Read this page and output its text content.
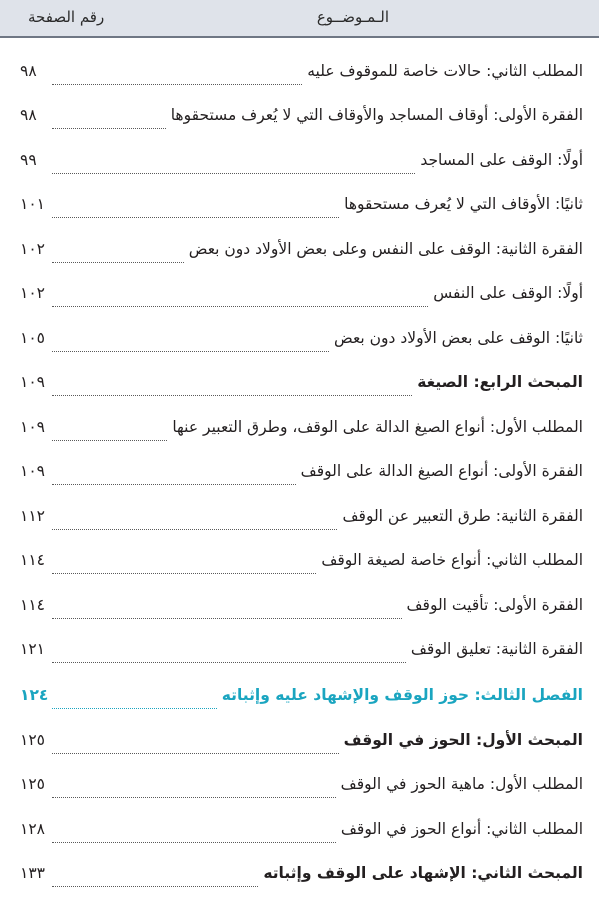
الـمـوضــوع
رقم الصفحة
المطلب الثاني: حالات خاصة للموقوف عليه
٩٨
الفقرة الأولى: أوقاف المساجد والأوقاف التي لا يُعرف مستحقوها
٩٨
أولًا: الوقف على المساجد
٩٩
ثانيًا: الأوقاف التي لا يُعرف مستحقوها
١٠١
الفقرة الثانية: الوقف على النفس وعلى بعض الأولاد دون بعض
١٠٢
أولًا: الوقف على النفس
١٠٢
ثانيًا: الوقف على بعض الأولاد دون بعض
١٠٥
المبحث الرابع: الصيغة
١٠٩
المطلب الأول: أنواع الصيغ الدالة على الوقف، وطرق التعبير عنها
١٠٩
الفقرة الأولى: أنواع الصيغ الدالة على الوقف
١٠٩
الفقرة الثانية: طرق التعبير عن الوقف
١١٢
المطلب الثاني: أنواع خاصة لصيغة الوقف
١١٤
الفقرة الأولى: تأقيت الوقف
١١٤
الفقرة الثانية: تعليق الوقف
١٢١
الفصل الثالث: حوز الوقف والإشهاد عليه وإثباته
١٢٤
المبحث الأول: الحوز في الوقف
١٢٥
المطلب الأول: ماهية الحوز في الوقف
١٢٥
المطلب الثاني: أنواع الحوز في الوقف
١٢٨
المبحث الثاني: الإشهاد على الوقف وإثباته
١٣٣
